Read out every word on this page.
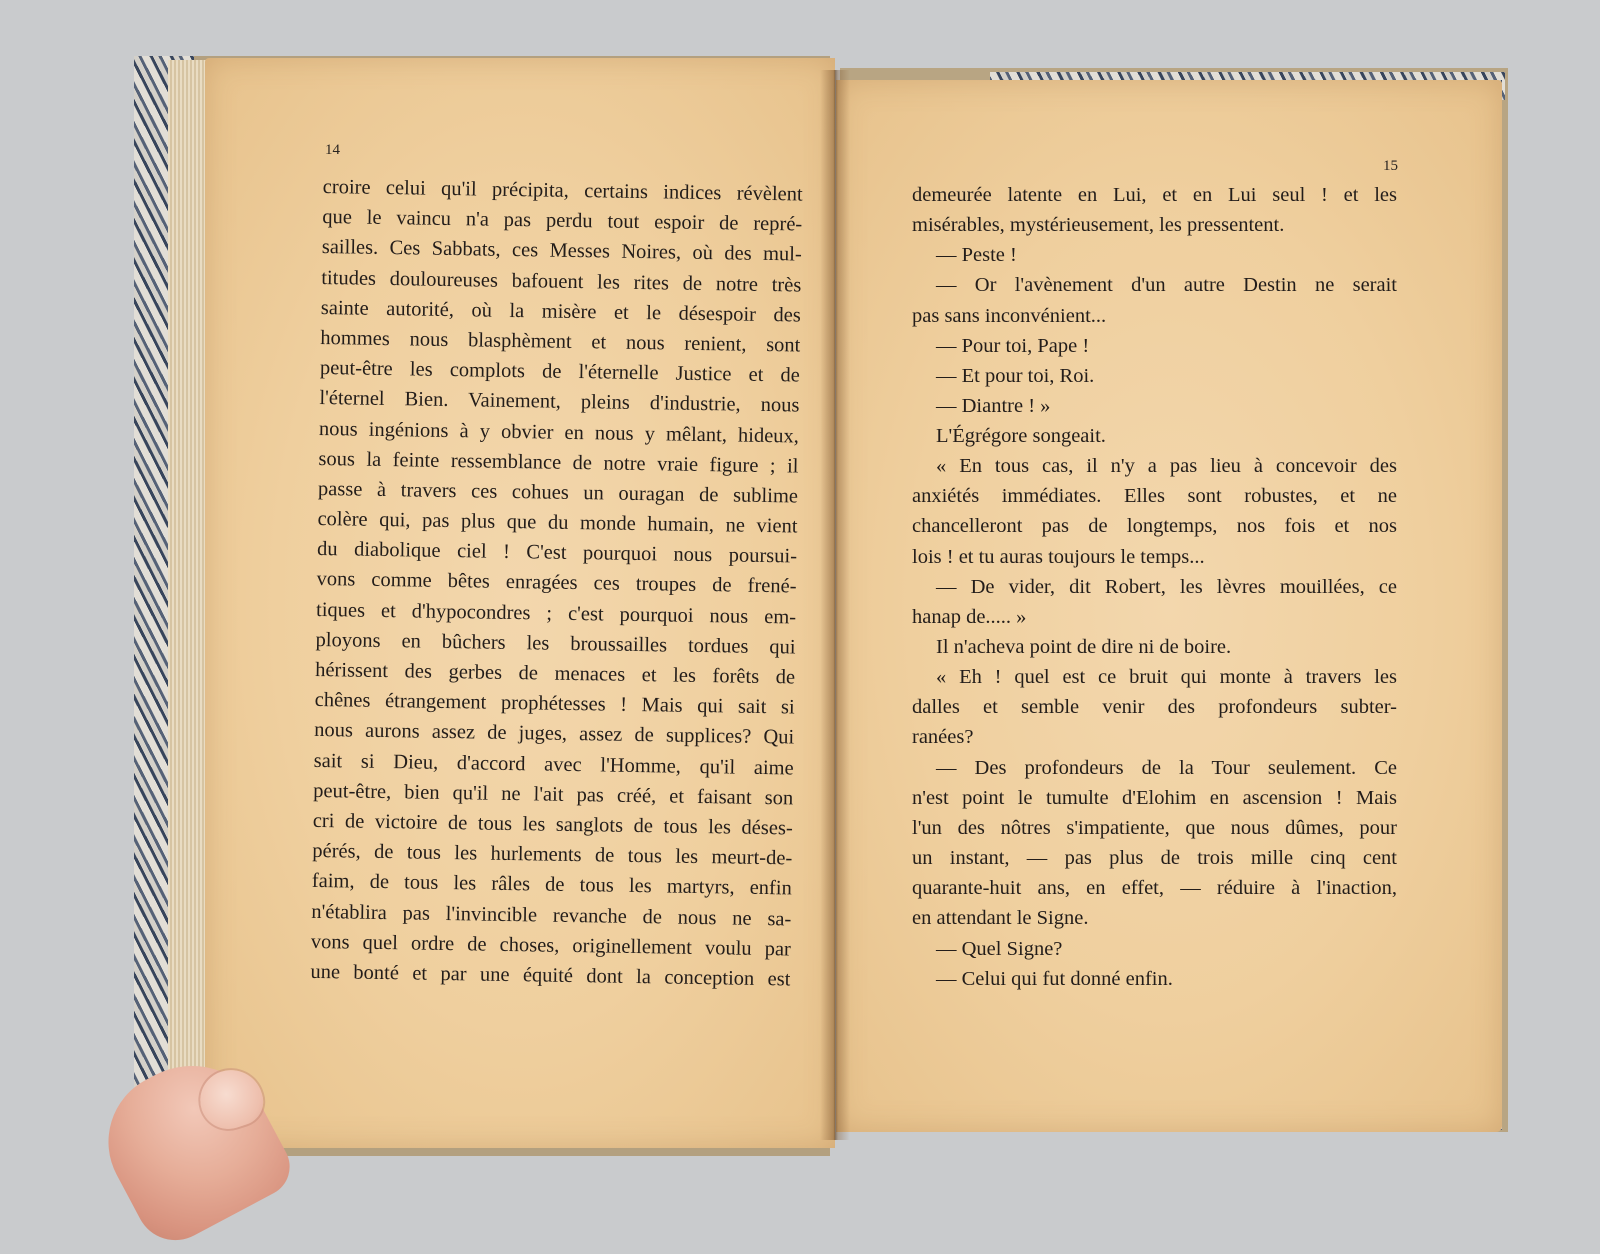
14
15
croire celui qu'il précipita, certains indices révèlent
que le vaincu n'a pas perdu tout espoir de repré-
sailles. Ces Sabbats, ces Messes Noires, où des mul-
titudes douloureuses bafouent les rites de notre très
sainte autorité, où la misère et le désespoir des
hommes nous blasphèment et nous renient, sont
peut-être les complots de l'éternelle Justice et de
l'éternel Bien. Vainement, pleins d'industrie, nous
nous ingénions à y obvier en nous y mêlant, hideux,
sous la feinte ressemblance de notre vraie figure ; il
passe à travers ces cohues un ouragan de sublime
colère qui, pas plus que du monde humain, ne vient
du diabolique ciel ! C'est pourquoi nous poursui-
vons comme bêtes enragées ces troupes de frené-
tiques et d'hypocondres ; c'est pourquoi nous em-
ployons en bûchers les broussailles tordues qui
hérissent des gerbes de menaces et les forêts de
chênes étrangement prophétesses ! Mais qui sait si
nous aurons assez de juges, assez de supplices? Qui
sait si Dieu, d'accord avec l'Homme, qu'il aime
peut-être, bien qu'il ne l'ait pas créé, et faisant son
cri de victoire de tous les sanglots de tous les déses-
pérés, de tous les hurlements de tous les meurt-de-
faim, de tous les râles de tous les martyrs, enfin
n'établira pas l'invincible revanche de nous ne sa-
vons quel ordre de choses, originellement voulu par
une bonté et par une équité dont la conception est
demeurée latente en Lui, et en Lui seul ! et les
misérables, mystérieusement, les pressentent.
— Peste !
— Or l'avènement d'un autre Destin ne serait
pas sans inconvénient...
— Pour toi, Pape !
— Et pour toi, Roi.
— Diantre ! »
L'Égrégore songeait.
« En tous cas, il n'y a pas lieu à concevoir des
anxiétés immédiates. Elles sont robustes, et ne
chancelleront pas de longtemps, nos fois et nos
lois ! et tu auras toujours le temps...
— De vider, dit Robert, les lèvres mouillées, ce
hanap de..... »
Il n'acheva point de dire ni de boire.
« Eh ! quel est ce bruit qui monte à travers les
dalles et semble venir des profondeurs subter-
ranées?
— Des profondeurs de la Tour seulement. Ce
n'est point le tumulte d'Elohim en ascension ! Mais
l'un des nôtres s'impatiente, que nous dûmes, pour
un instant, — pas plus de trois mille cinq cent
quarante-huit ans, en effet, — réduire à l'inaction,
en attendant le Signe.
— Quel Signe?
— Celui qui fut donné enfin.
